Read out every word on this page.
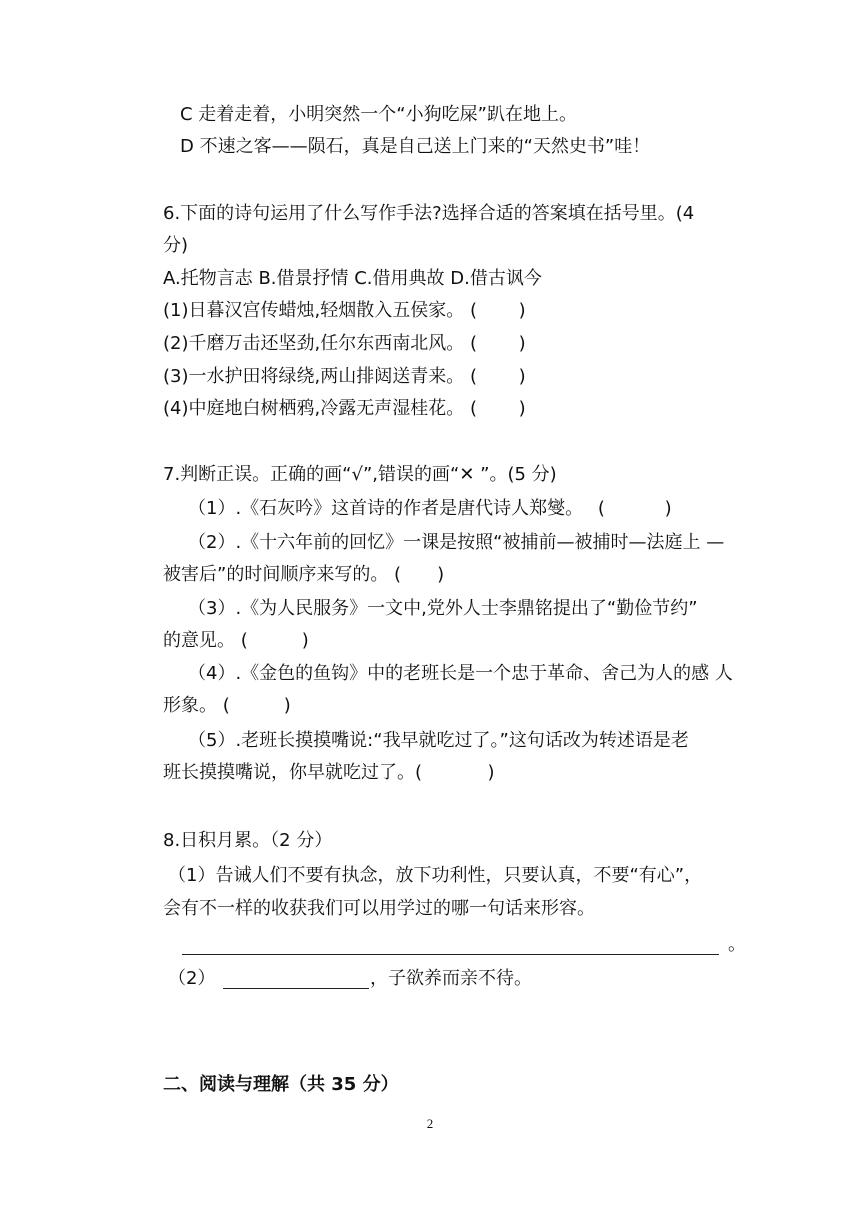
C 走着走着，小明突然一个“小狗吃屎”趴在地上。
D 不速之客——陨石，真是自己送上门来的“天然史书”哇！
6.下面的诗句运用了什么写作手法?选择合适的答案填在括号里。(4
分)
A.托物言志 B.借景抒情 C.借用典故 D.借古讽今
(1)日暮汉宫传蜡烛,轻烟散入五侯家。 (　　 )
(2)千磨万击还坚劲,任尔东西南北风。 (　　 )
(3)一水护田将绿绕,两山排闼送青来。 (　　 )
(4)中庭地白树栖鸦,冷露无声湿桂花。 (　　 )
7.判断正误。正确的画“√”,错误的画“✕ ”。(5 分)
（1）.《石灰吟》这首诗的作者是唐代诗人郑燮。　 (　　　 )
（2）.《十六年前的回忆》一课是按照“被捕前—被捕时—法庭上 —
被害后”的时间顺序来写的。 (　　)
（3）.《为人民服务》一文中,党外人士李鼎铭提出了“勤俭节约”
的意见。 (　　　)
（4）.《金色的鱼钩》中的老班长是一个忠于革命、舍己为人的感 人
形象。 (　　　)
（5）.老班长摸摸嘴说:“我早就吃过了。”这句话改为转述语是老
班长摸摸嘴说，你早就吃过了。( 　　　 )
8.日积月累。（2 分）
（1）告诫人们不要有执念，放下功利性，只要认真，不要“有心”，
会有不一样的收获我们可以用学过的哪一句话来形容。
。
（2）	，子欲养而亲不待。
二、阅读与理解（共 35 分）
2
